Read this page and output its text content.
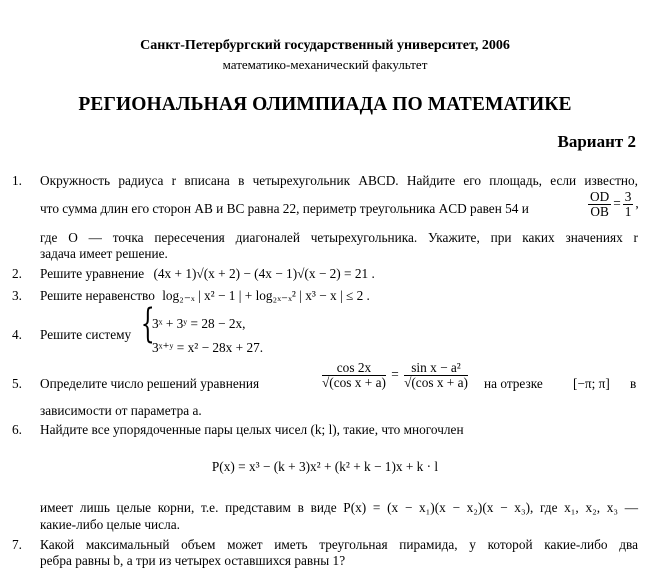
Санкт-Петербургский государственный университет, 2006
математико-механический факультет
РЕГИОНАЛЬНАЯ ОЛИМПИАДА ПО МАТЕМАТИКЕ
Вариант 2
1. Окружность радиуса r вписана в четырехугольник ABCD. Найдите его площадь, если известно,
что сумма длин его сторон AB и BC равна 22, периметр треугольника ACD равен 54 и	$\frac{OD}{OB} = \frac{3}{1}$ ,
где O — точка пересечения диагоналей четырехугольника. Укажите, при каких значениях r
задача имеет решение.
2. Решите уравнение (4x + 1)√(x + 2) − (4x − 1)√(x − 2) = 21 .
3. Решите неравенство log₂₋ₓ | x² − 1 | + log₂ₓ₋ₓ² | x³ − x | ≤ 2 .
4. Решите систему {
3ˣ + 3ʸ = 28 − 2x,
3ˣ⁺ʸ = x² − 28x + 27.
5. Определите число решений уравнения	$\frac{\cos 2x}{\text{√(cos x + a)}} = \frac{\text{sin x − a²}}{\text{√(cos x + a)}}$ на отрезке [−π; π] в
зависимости от параметра a.
6. Найдите все упорядоченные пары целых чисел (k; l), такие, что многочлен
P(x) = x³ − (k + 3)x² + (k² + k − 1)x + k · l
имеет лишь целые корни, т.е. представим в виде P(x) = (x − x₁)(x − x₂)(x − x₃), где x₁, x₂, x₃ —
какие-либо целые числа.
7. Какой максимальный объем может иметь треугольная пирамида, у которой какие-либо два
ребра равны b, а три из четырех оставшихся равны 1?
